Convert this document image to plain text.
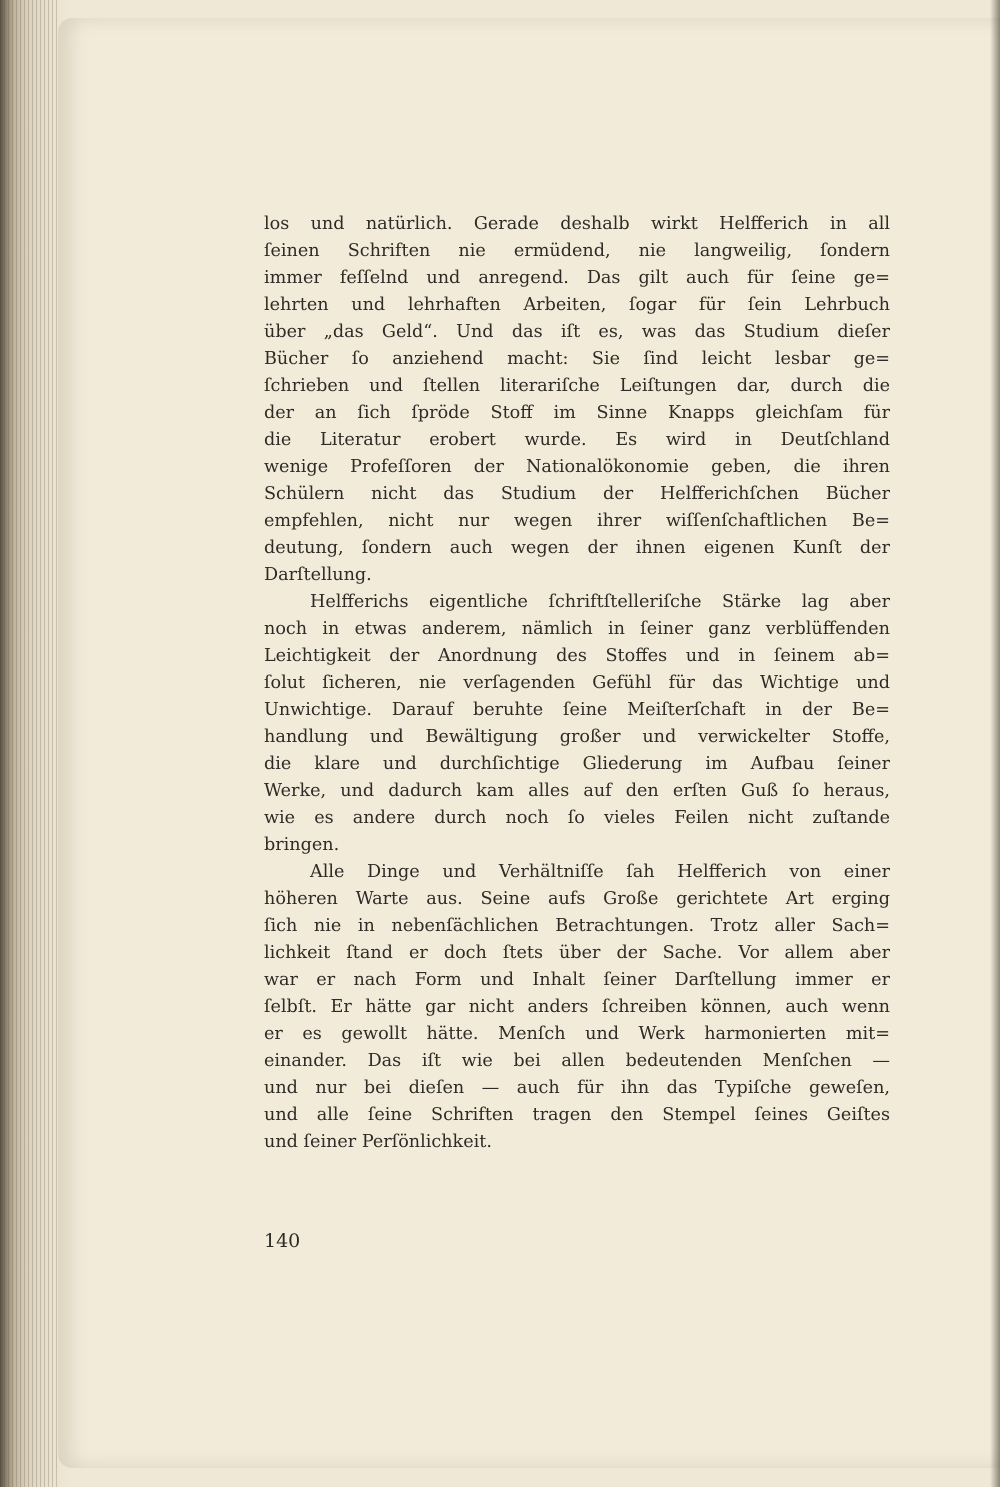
los und natürlich. Gerade deshalb wirkt Helfferich in all
ſeinen Schriften nie ermüdend, nie langweilig, ſondern
immer feſſelnd und anregend. Das gilt auch für ſeine ge=
lehrten und lehrhaften Arbeiten, ſogar für ſein Lehrbuch
über „das Geld“. Und das iſt es, was das Studium dieſer
Bücher ſo anziehend macht: Sie ſind leicht lesbar ge=
ſchrieben und ſtellen literariſche Leiſtungen dar, durch die
der an ſich ſpröde Stoff im Sinne Knapps gleichſam für
die Literatur erobert wurde. Es wird in Deutſchland
wenige Profeſſoren der Nationalökonomie geben, die ihren
Schülern nicht das Studium der Helfferichſchen Bücher
empfehlen, nicht nur wegen ihrer wiſſenſchaftlichen Be=
deutung, ſondern auch wegen der ihnen eigenen Kunſt der
Darſtellung.
Helfferichs eigentliche ſchriftſtelleriſche Stärke lag aber
noch in etwas anderem, nämlich in ſeiner ganz verblüffenden
Leichtigkeit der Anordnung des Stoffes und in ſeinem ab=
ſolut ſicheren, nie verſagenden Gefühl für das Wichtige und
Unwichtige. Darauf beruhte ſeine Meiſterſchaft in der Be=
handlung und Bewältigung großer und verwickelter Stoffe,
die klare und durchſichtige Gliederung im Aufbau ſeiner
Werke, und dadurch kam alles auf den erſten Guß ſo heraus,
wie es andere durch noch ſo vieles Feilen nicht zuſtande
bringen.
Alle Dinge und Verhältniſſe ſah Helfferich von einer
höheren Warte aus. Seine aufs Große gerichtete Art erging
ſich nie in nebenſächlichen Betrachtungen. Trotz aller Sach=
lichkeit ſtand er doch ſtets über der Sache. Vor allem aber
war er nach Form und Inhalt ſeiner Darſtellung immer er
ſelbſt. Er hätte gar nicht anders ſchreiben können, auch wenn
er es gewollt hätte. Menſch und Werk harmonierten mit=
einander. Das iſt wie bei allen bedeutenden Menſchen —
und nur bei dieſen — auch für ihn das Typiſche geweſen,
und alle ſeine Schriften tragen den Stempel ſeines Geiſtes
und ſeiner Perſönlichkeit.
140
